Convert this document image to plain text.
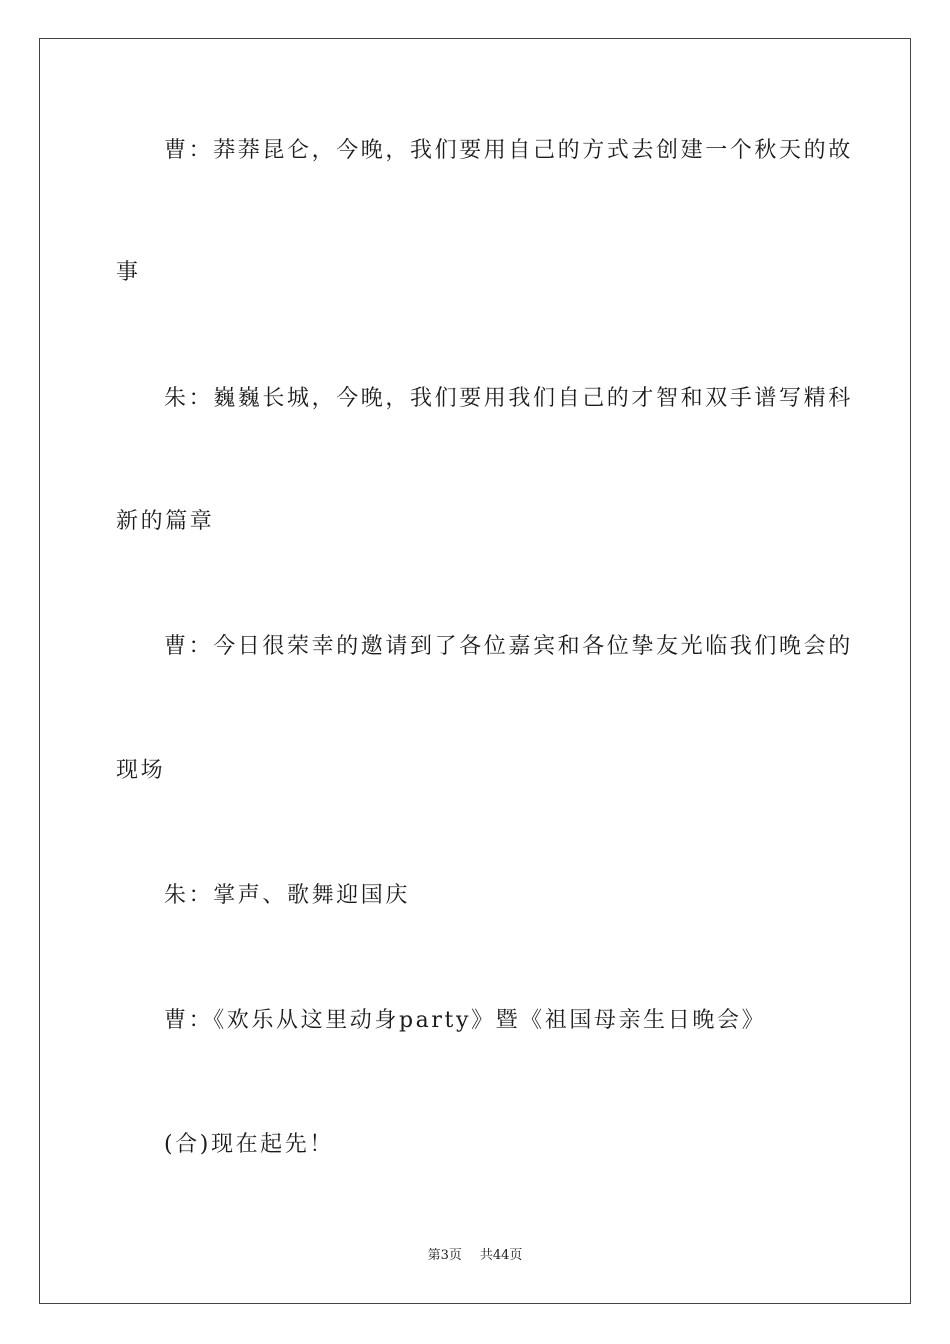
曹：莽莽昆仑，今晚，我们要用自己的方式去创建一个秋天的故

事

朱：巍巍长城，今晚，我们要用我们自己的才智和双手谱写精科

新的篇章

曹：今日很荣幸的邀请到了各位嘉宾和各位挚友光临我们晚会的

现场

朱：掌声、歌舞迎国庆

曹：《欢乐从这里动身party》暨《祖国母亲生日晚会》

(合)现在起先！

第3页 共44页
